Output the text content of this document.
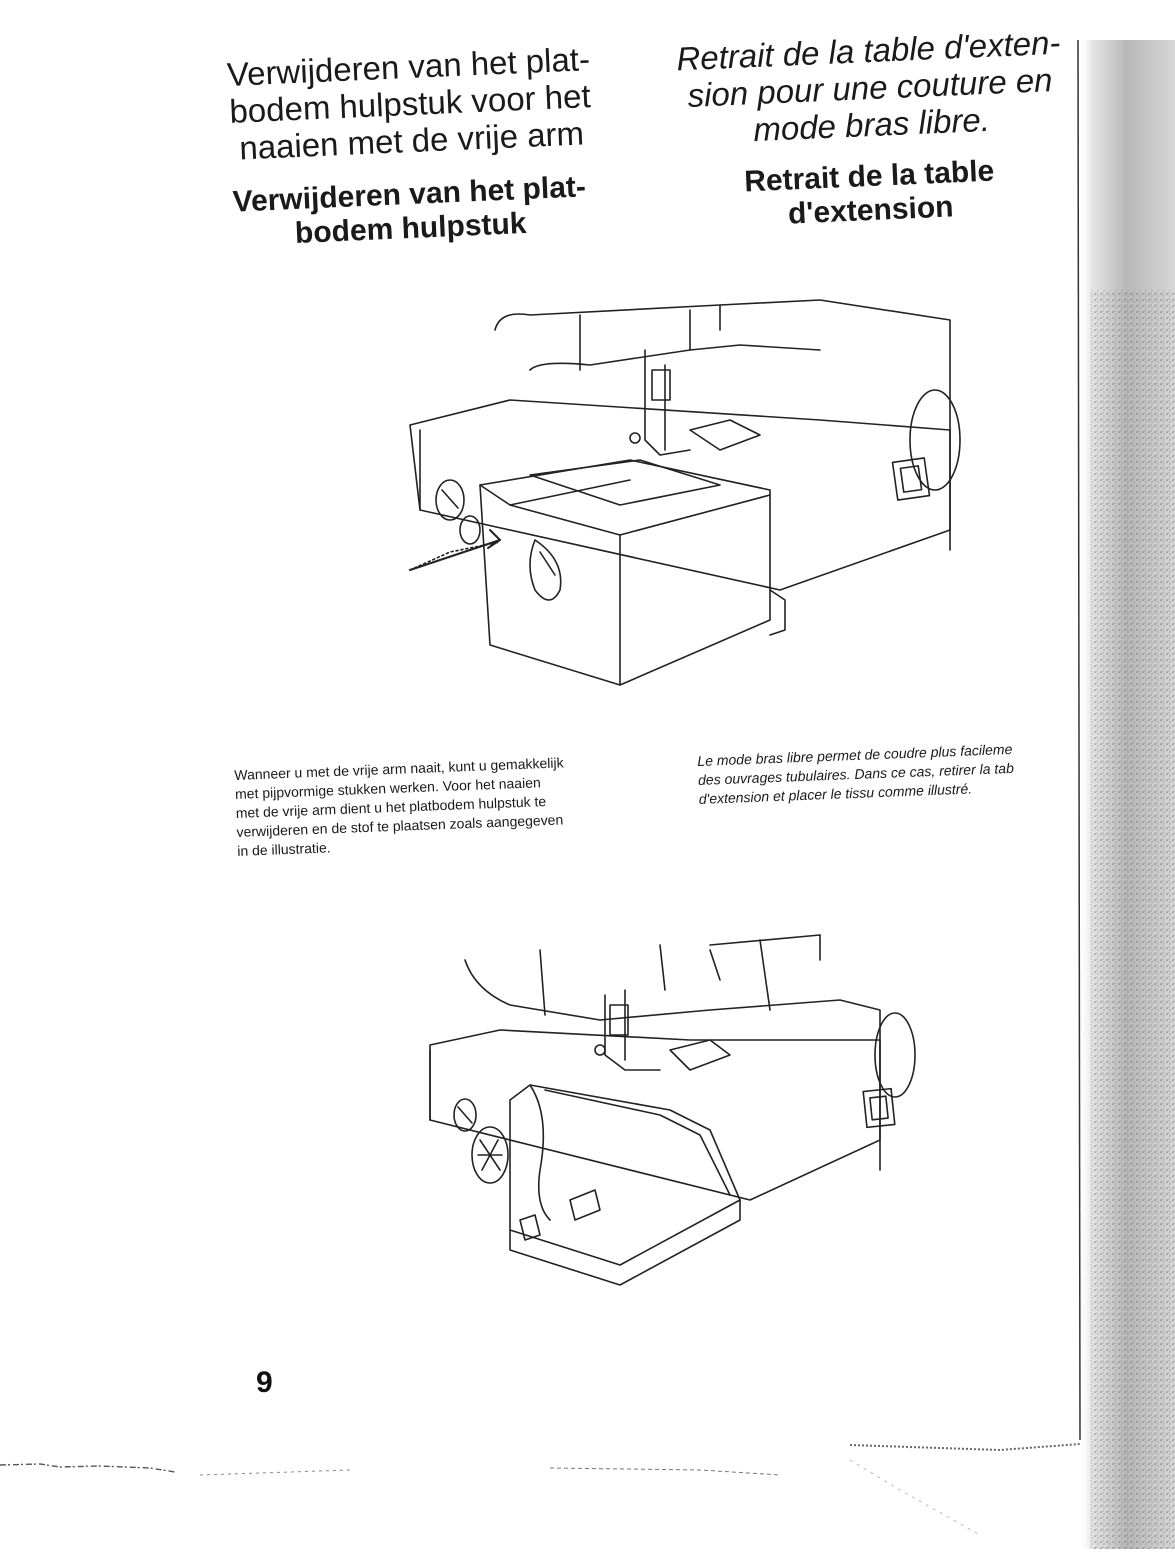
Verwijderen van het plat-
bodem hulpstuk voor het
naaien met de vrije arm
Retrait de la table d'exten-
sion pour une couture en
mode bras libre.
Verwijderen van het plat-
bodem hulpstuk
Retrait de la table
d'extension
Wanneer u met de vrije arm naait, kunt u gemakkelijk
met pijpvormige stukken werken. Voor het naaien
met de vrije arm dient u het platbodem hulpstuk te
verwijderen en de stof te plaatsen zoals aangegeven
in de illustratie.
Le mode bras libre permet de coudre plus facileme
des ouvrages tubulaires. Dans ce cas, retirer la tab
d'extension et placer le tissu comme illustré.
9
